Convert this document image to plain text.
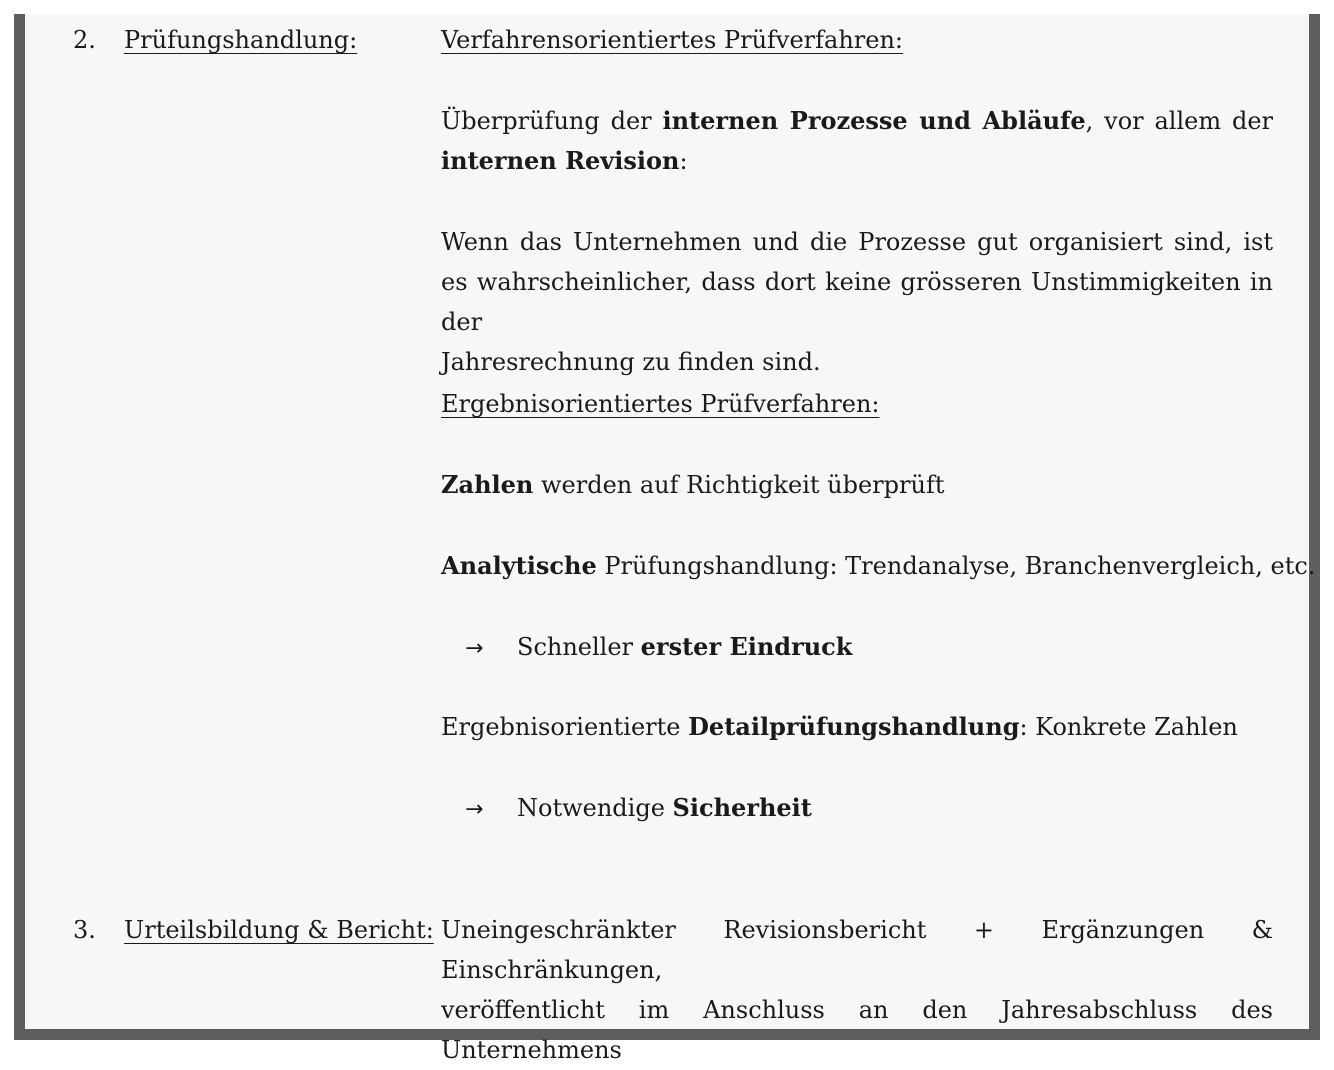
2. Prüfungshandlung:	Verfahrensorientiertes Prüfverfahren:

Überprüfung der internen Prozesse und Abläufe, vor allem der
internen Revision:
Wenn das Unternehmen und die Prozesse gut organisiert sind, ist
es wahrscheinlicher, dass dort keine grösseren Unstimmigkeiten in der
Jahresrechnung zu finden sind.

Ergebnisorientiertes Prüfverfahren:

Zahlen werden auf Richtigkeit überprüft

Analytische Prüfungshandlung: Trendanalyse, Branchenvergleich, etc.

→ Schneller erster Eindruck

Ergebnisorientierte Detailprüfungshandlung: Konkrete Zahlen

→ Notwendige Sicherheit

3. Urteilsbildung & Bericht: Uneingeschränkter Revisionsbericht + Ergänzungen & Einschränkungen,
veröffentlicht im Anschluss an den Jahresabschluss des Unternehmens
